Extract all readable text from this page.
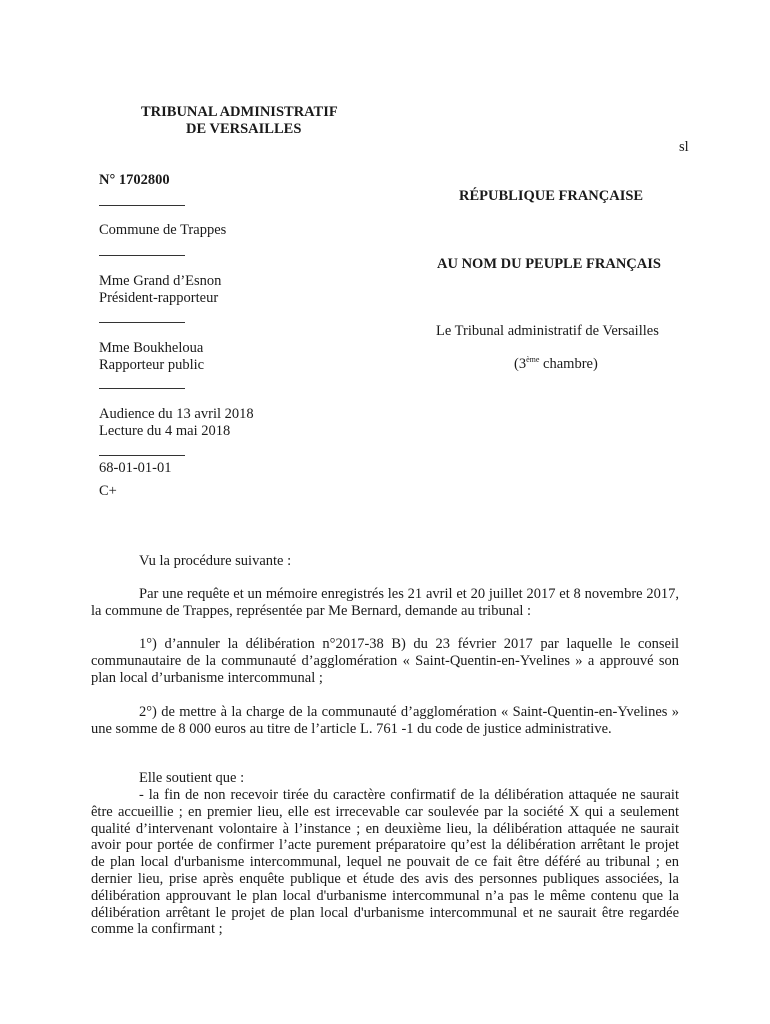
TRIBUNAL ADMINISTRATIF
DE VERSAILLES
sl
N° 1702800
Commune de Trappes
Mme Grand d’Esnon
Président-rapporteur
Mme Boukheloua
Rapporteur public
Audience du 13 avril 2018
Lecture du 4 mai 2018
68-01-01-01
C+
RÉPUBLIQUE FRANÇAISE
AU NOM DU PEUPLE FRANÇAIS
Le Tribunal administratif de Versailles
(3ème chambre)
Vu la procédure suivante :
Par une requête et un mémoire enregistrés les 21 avril et 20 juillet 2017 et 8 novembre 2017, la commune de Trappes, représentée par Me Bernard, demande au tribunal :
1°) d’annuler la délibération n°2017-38 B) du 23 février 2017 par laquelle le conseil communautaire de la communauté d’agglomération « Saint-Quentin-en-Yvelines » a approuvé son plan local d’urbanisme intercommunal ;
2°) de mettre à la charge de la communauté d’agglomération « Saint-Quentin-en-Yvelines » une somme de 8 000 euros au titre de l’article L. 761 -1 du code de justice administrative.
Elle soutient que :
- la fin de non recevoir tirée du caractère confirmatif de la délibération attaquée ne saurait être accueillie ; en premier lieu, elle est irrecevable car soulevée par la société X qui a seulement qualité d’intervenant volontaire à l’instance ; en deuxième lieu, la délibération attaquée ne saurait avoir pour portée de confirmer l’acte purement préparatoire qu’est la délibération arrêtant le projet de plan local d'urbanisme intercommunal, lequel ne pouvait de ce fait être déféré au tribunal ; en dernier lieu, prise après enquête publique et étude des avis des personnes publiques associées, la délibération approuvant le plan local d'urbanisme intercommunal n’a pas le même contenu que la délibération arrêtant le projet de plan local d'urbanisme intercommunal et ne saurait être regardée comme la confirmant ;
